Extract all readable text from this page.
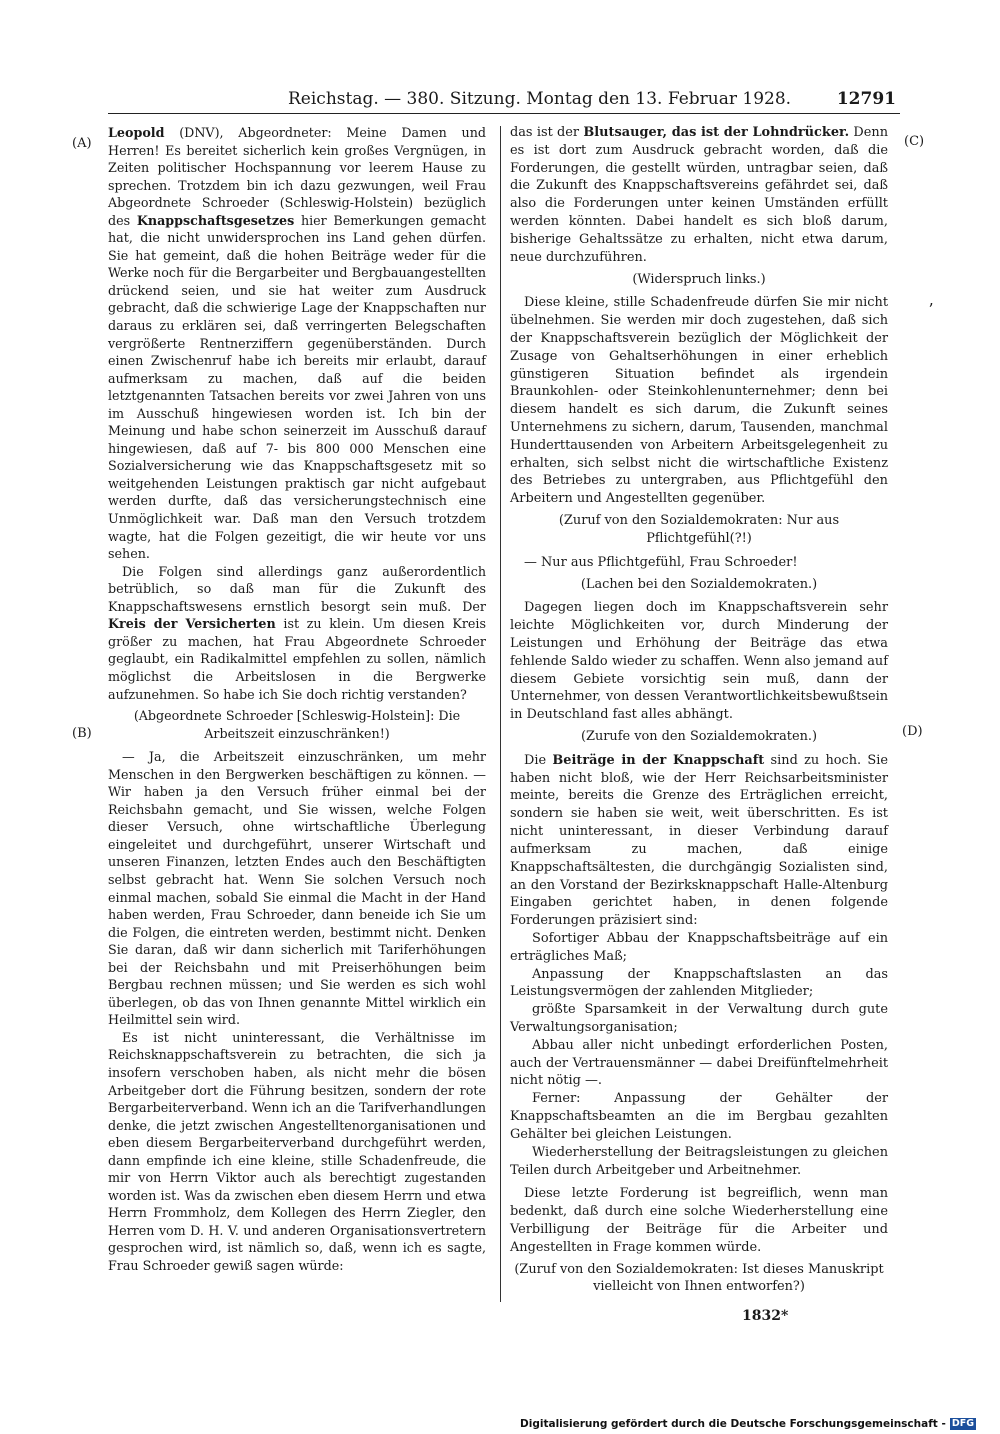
Reichstag. — 380. Sitzung. Montag den 13. Februar 1928.	12791
(A)
(B)
(C)
(D)
ʼ

Leopold (DNV), Abgeordneter: Meine Damen und Herren! Es bereitet sicherlich kein großes Vergnügen, in Zeiten politischer Hochspannung vor leerem Hause zu sprechen. Trotzdem bin ich dazu gezwungen, weil Frau Abgeordnete Schroeder (Schleswig-Holstein) bezüglich des Knappschaftsgesetzes hier Bemerkungen gemacht hat, die nicht unwidersprochen ins Land gehen dürfen. Sie hat gemeint, daß die hohen Beiträge weder für die Werke noch für die Bergarbeiter und Bergbauangestellten drückend seien, und sie hat weiter zum Ausdruck gebracht, daß die schwierige Lage der Knappschaften nur daraus zu erklären sei, daß verringerten Belegschaften vergrößerte Rentnerziffern gegenüberständen. Durch einen Zwischenruf habe ich bereits mir erlaubt, darauf aufmerksam zu machen, daß auf die beiden letztgenannten Tatsachen bereits vor zwei Jahren von uns im Ausschuß hingewiesen worden ist. Ich bin der Meinung und habe schon seinerzeit im Ausschuß darauf hingewiesen, daß auf 7- bis 800 000 Menschen eine Sozialversicherung wie das Knappschaftsgesetz mit so weitgehenden Leistungen praktisch gar nicht aufgebaut werden durfte, daß das versicherungstechnisch eine Unmöglichkeit war. Daß man den Versuch trotzdem wagte, hat die Folgen gezeitigt, die wir heute vor uns sehen.

Die Folgen sind allerdings ganz außerordentlich betrüblich, so daß man für die Zukunft des Knappschaftswesens ernstlich besorgt sein muß. Der Kreis der Versicherten ist zu klein. Um diesen Kreis größer zu machen, hat Frau Abgeordnete Schroeder geglaubt, ein Radikalmittel empfehlen zu sollen, nämlich möglichst die Arbeitslosen in die Bergwerke aufzunehmen. So habe ich Sie doch richtig verstanden?

(Abgeordnete Schroeder [Schleswig-Holstein]: Die Arbeitszeit einzuschränken!)

— Ja, die Arbeitszeit einzuschränken, um mehr Menschen in den Bergwerken beschäftigen zu können. — Wir haben ja den Versuch früher einmal bei der Reichsbahn gemacht, und Sie wissen, welche Folgen dieser Versuch, ohne wirtschaftliche Überlegung eingeleitet und durchgeführt, unserer Wirtschaft und unseren Finanzen, letzten Endes auch den Beschäftigten selbst gebracht hat. Wenn Sie solchen Versuch noch einmal machen, sobald Sie einmal die Macht in der Hand haben werden, Frau Schroeder, dann beneide ich Sie um die Folgen, die eintreten werden, bestimmt nicht. Denken Sie daran, daß wir dann sicherlich mit Tariferhöhungen bei der Reichsbahn und mit Preiserhöhungen beim Bergbau rechnen müssen; und Sie werden es sich wohl überlegen, ob das von Ihnen genannte Mittel wirklich ein Heilmittel sein wird.

Es ist nicht uninteressant, die Verhältnisse im Reichsknappschaftsverein zu betrachten, die sich ja insofern verschoben haben, als nicht mehr die bösen Arbeitgeber dort die Führung besitzen, sondern der rote Bergarbeiterverband. Wenn ich an die Tarifverhandlungen denke, die jetzt zwischen Angestelltenorganisationen und eben diesem Bergarbeiterverband durchgeführt werden, dann empfinde ich eine kleine, stille Schadenfreude, die mir von Herrn Viktor auch als berechtigt zugestanden worden ist. Was da zwischen eben diesem Herrn und etwa Herrn Frommholz, dem Kollegen des Herrn Ziegler, den Herren vom D. H. V. und anderen Organisationsvertretern gesprochen wird, ist nämlich so, daß, wenn ich es sagte, Frau Schroeder gewiß sagen würde:

das ist der Blutsauger, das ist der Lohndrücker. Denn es ist dort zum Ausdruck gebracht worden, daß die Forderungen, die gestellt würden, untragbar seien, daß die Zukunft des Knappschaftsvereins gefährdet sei, daß also die Forderungen unter keinen Umständen erfüllt werden könnten. Dabei handelt es sich bloß darum, bisherige Gehaltssätze zu erhalten, nicht etwa darum, neue durchzuführen.

(Widerspruch links.)

Diese kleine, stille Schadenfreude dürfen Sie mir nicht übelnehmen. Sie werden mir doch zugestehen, daß sich der Knappschaftsverein bezüglich der Möglichkeit der Zusage von Gehaltserhöhungen in einer erheblich günstigeren Situation befindet als irgendein Braunkohlen- oder Steinkohlenunternehmer; denn bei diesem handelt es sich darum, die Zukunft seines Unternehmens zu sichern, darum, Tausenden, manchmal Hunderttausenden von Arbeitern Arbeitsgelegenheit zu erhalten, sich selbst nicht die wirtschaftliche Existenz des Betriebes zu untergraben, aus Pflichtgefühl den Arbeitern und Angestellten gegenüber.

(Zuruf von den Sozialdemokraten: Nur aus Pflichtgefühl(?!)

— Nur aus Pflichtgefühl, Frau Schroeder!

(Lachen bei den Sozialdemokraten.)

Dagegen liegen doch im Knappschaftsverein sehr leichte Möglichkeiten vor, durch Minderung der Leistungen und Erhöhung der Beiträge das etwa fehlende Saldo wieder zu schaffen. Wenn also jemand auf diesem Gebiete vorsichtig sein muß, dann der Unternehmer, von dessen Verantwortlichkeitsbewußtsein in Deutschland fast alles abhängt.

(Zurufe von den Sozialdemokraten.)

Die Beiträge in der Knappschaft sind zu hoch. Sie haben nicht bloß, wie der Herr Reichsarbeitsminister meinte, bereits die Grenze des Erträglichen erreicht, sondern sie haben sie weit, weit überschritten. Es ist nicht uninteressant, in dieser Verbindung darauf aufmerksam zu machen, daß einige Knappschaftsältesten, die durchgängig Sozialisten sind, an den Vorstand der Bezirksknappschaft Halle-Altenburg Eingaben gerichtet haben, in denen folgende Forderungen präzisiert sind:

Sofortiger Abbau der Knappschaftsbeiträge auf ein erträgliches Maß;

Anpassung der Knappschaftslasten an das Leistungsvermögen der zahlenden Mitglieder;

größte Sparsamkeit in der Verwaltung durch gute Verwaltungsorganisation;

Abbau aller nicht unbedingt erforderlichen Posten, auch der Vertrauensmänner — dabei Dreifünftelmehrheit nicht nötig —.

Ferner: Anpassung der Gehälter der Knappschaftsbeamten an die im Bergbau gezahlten Gehälter bei gleichen Leistungen.

Wiederherstellung der Beitragsleistungen zu gleichen Teilen durch Arbeitgeber und Arbeitnehmer.

Diese letzte Forderung ist begreiflich, wenn man bedenkt, daß durch eine solche Wiederherstellung eine Verbilligung der Beiträge für die Arbeiter und Angestellten in Frage kommen würde.

(Zuruf von den Sozialdemokraten: Ist dieses Manuskript vielleicht von Ihnen entworfen?)

1832*
Digitalisierung gefördert durch die Deutsche Forschungsgemeinschaft - DFG
